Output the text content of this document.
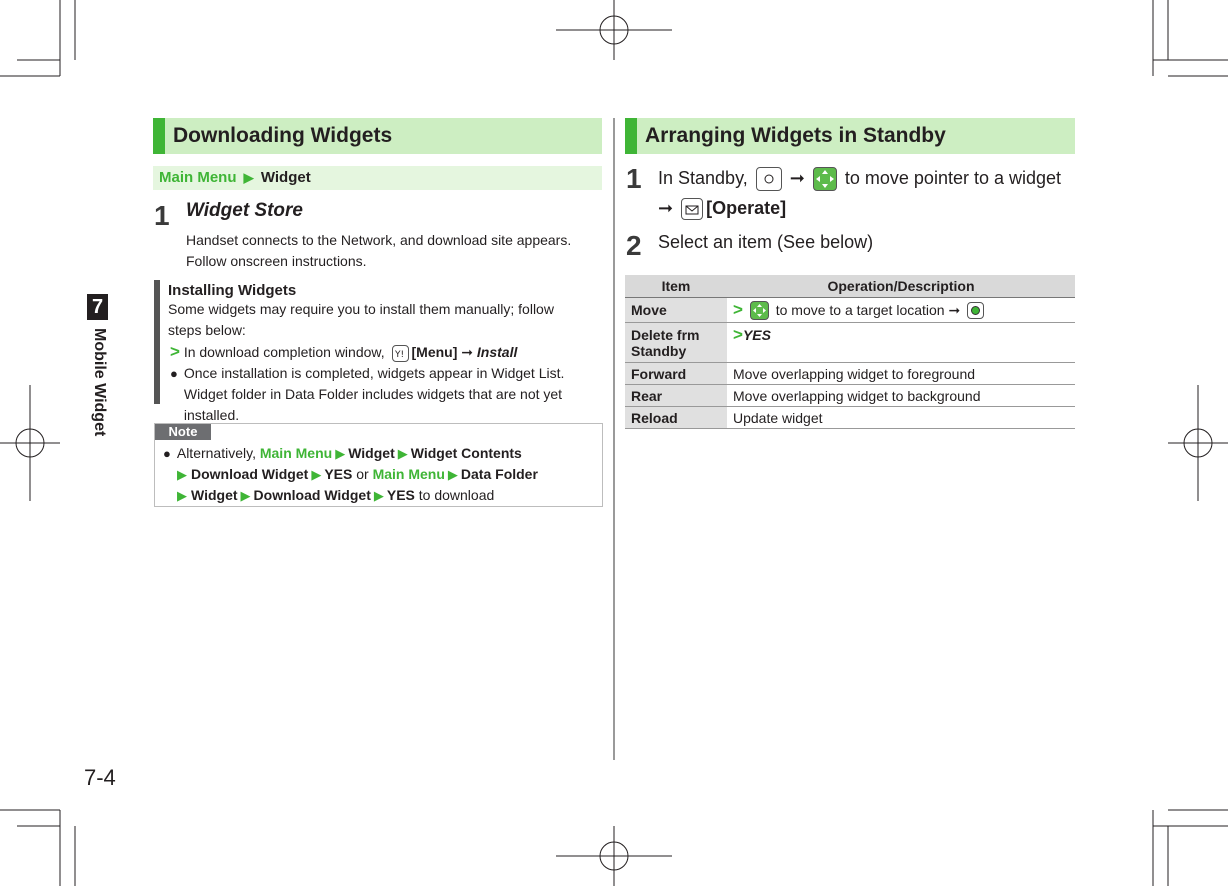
7
Mobile Widget
7-4
Downloading Widgets
Main Menu ▶ Widget
1 Widget Store
Handset connects to the Network, and download site appears.
Follow onscreen instructions.
Installing Widgets
Some widgets may require you to install them manually; follow steps below:
> In download completion window, Y! [Menu] ➞ Install
● Once installation is completed, widgets appear in Widget List. Widget folder in Data Folder includes widgets that are not yet installed.
Note
● Alternatively, Main Menu ▶ Widget ▶ Widget Contents
▶ Download Widget ▶ YES or Main Menu ▶ Data Folder
▶ Widget ▶ Download Widget ▶ YES to download
Arranging Widgets in Standby
1 In Standby, ➞ to move pointer to a widget
➞ [Operate]
2 Select an item (See below)
Item	Operation/Description
Move	> to move to a target location ➞
Delete frm Standby	>YES
Forward	Move overlapping widget to foreground
Rear	Move overlapping widget to background
Reload	Update widget
